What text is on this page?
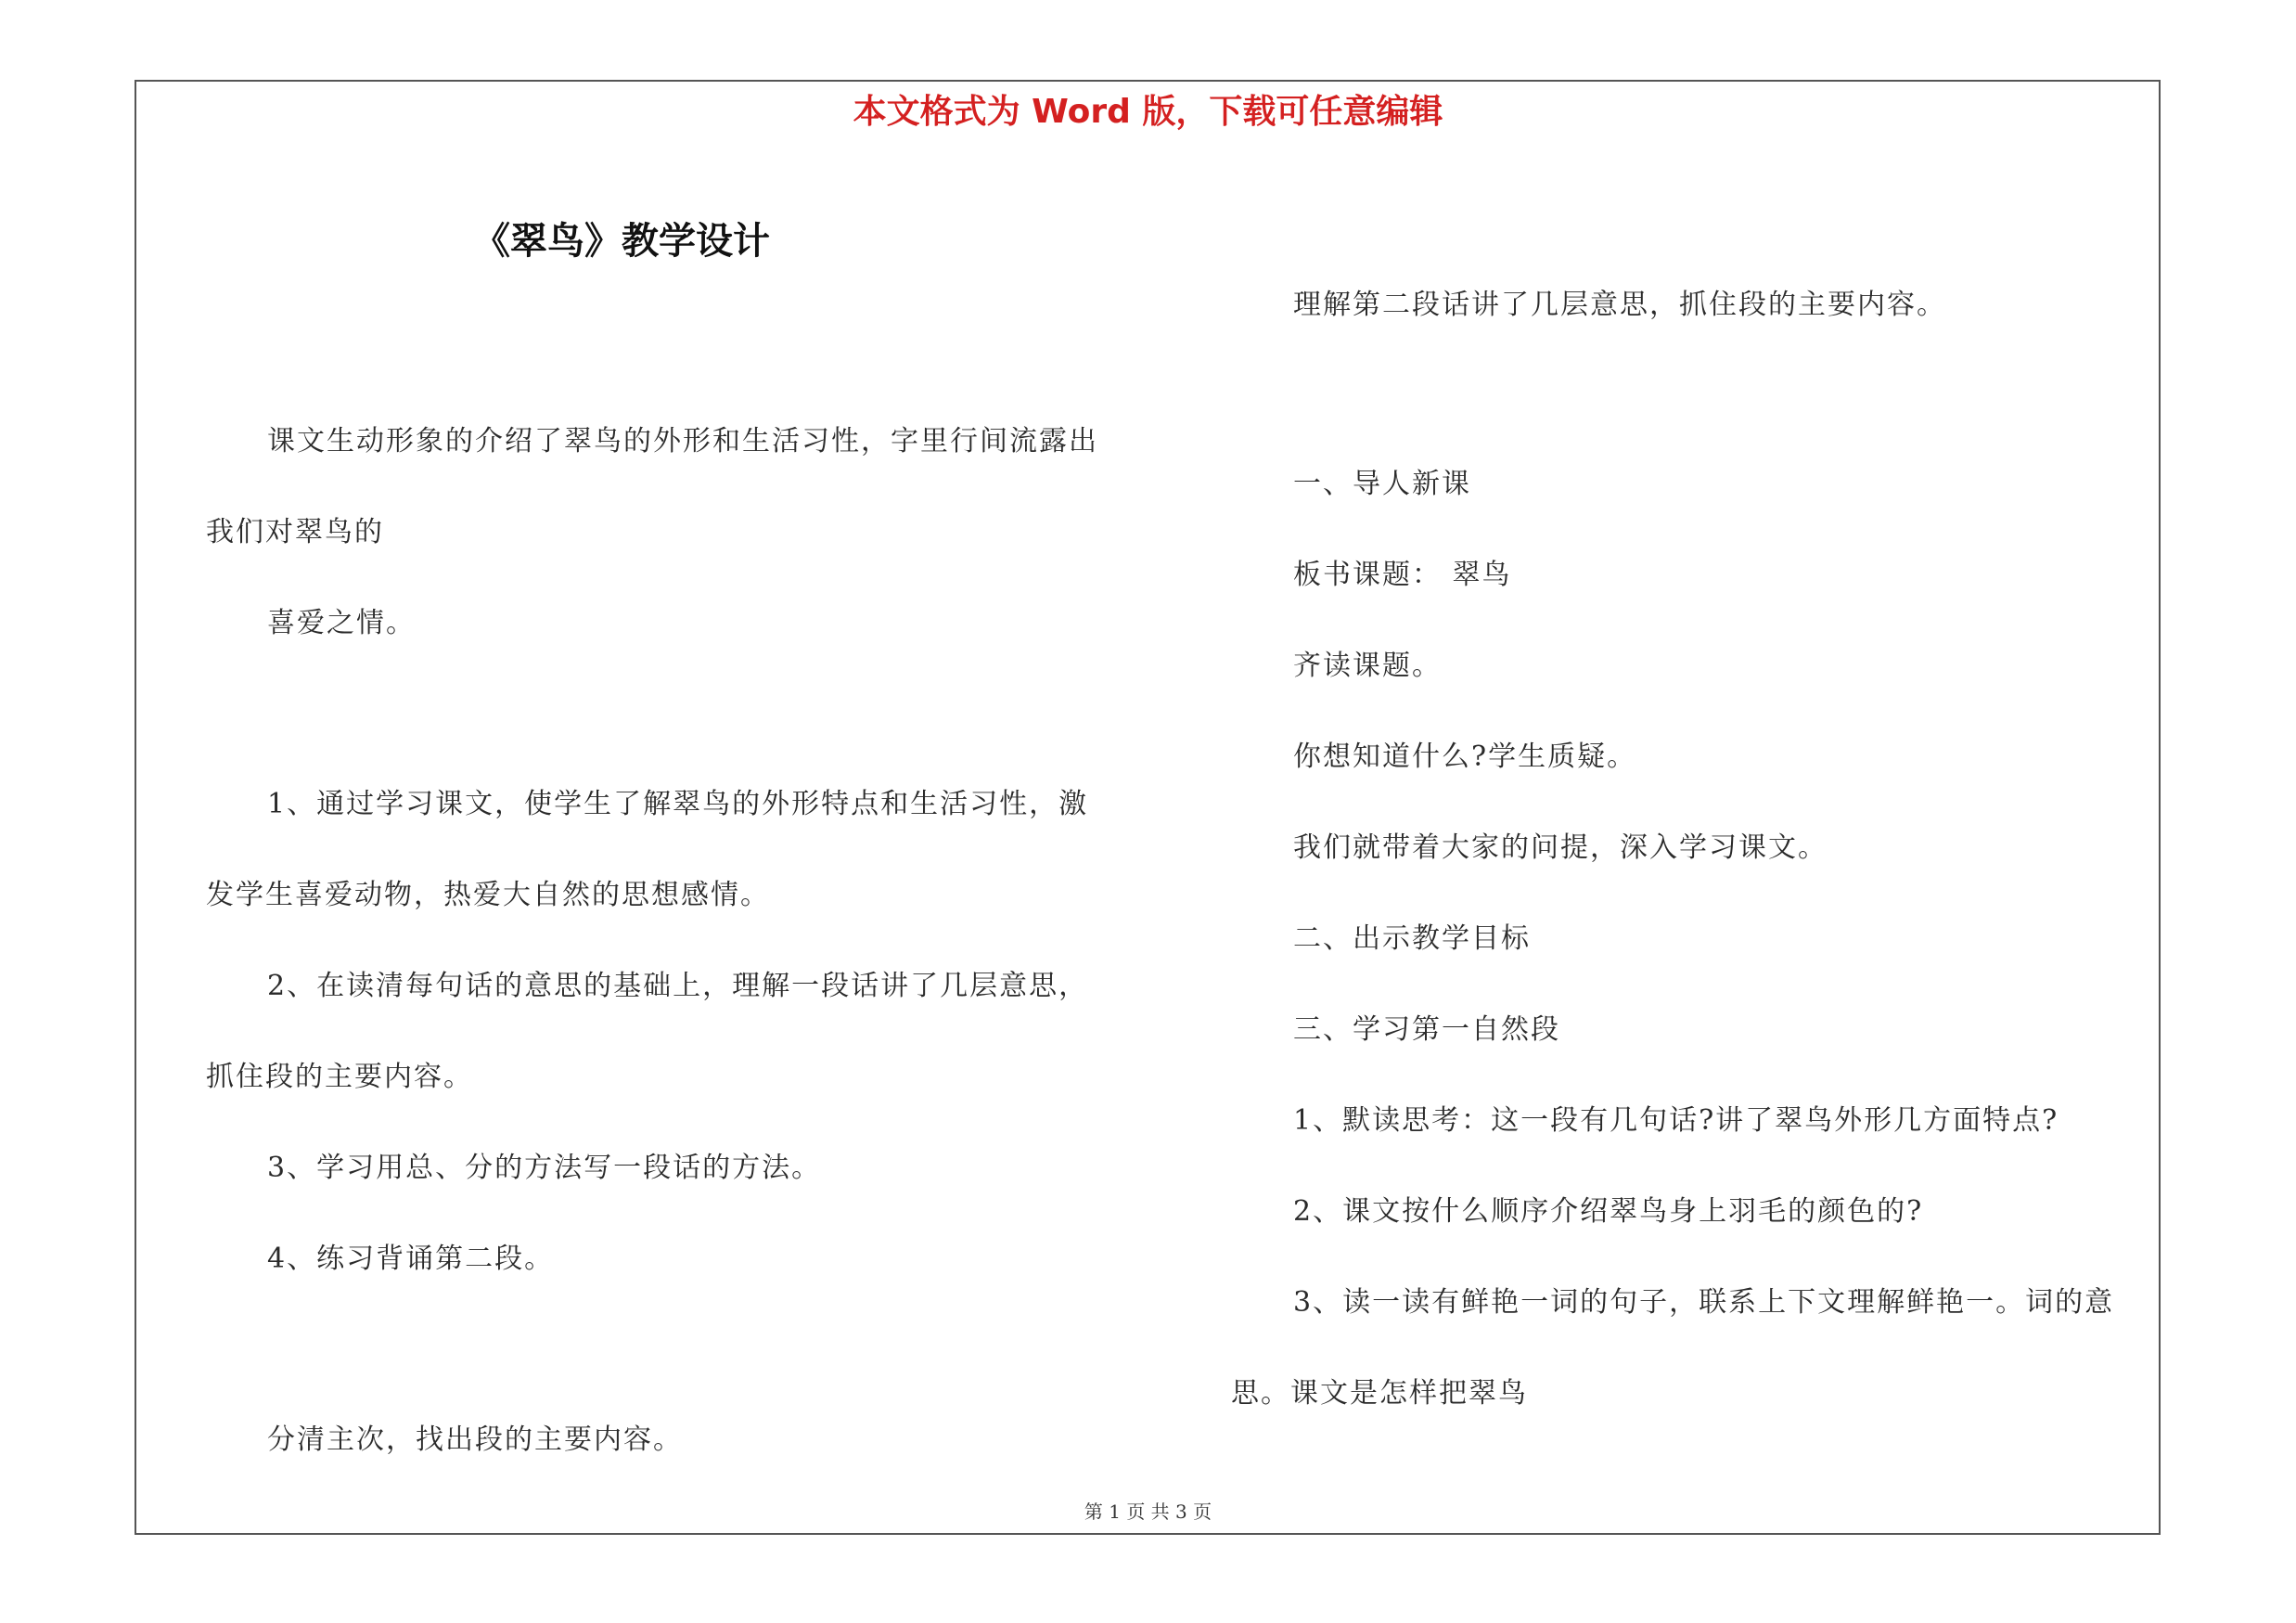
本文格式为 Word 版，下载可任意编辑
《翠鸟》教学设计
课文生动形象的介绍了翠鸟的外形和生活习性，字里行间流露出
我们对翠鸟的
喜爱之情。
1、通过学习课文，使学生了解翠鸟的外形特点和生活习性，激
发学生喜爱动物，热爱大自然的思想感情。
2、在读清每句话的意思的基础上，理解一段话讲了几层意思，
抓住段的主要内容。
3、学习用总、分的方法写一段话的方法。
4、练习背诵第二段。
分清主次，找出段的主要内容。
理解第二段话讲了几层意思，抓住段的主要内容。
一、导人新课
板书课题： 翠鸟
齐读课题。
你想知道什么?学生质疑。
我们就带着大家的问提，深入学习课文。
二、出示教学目标
三、学习第一自然段
1、默读思考：这一段有几句话?讲了翠鸟外形几方面特点?
2、课文按什么顺序介绍翠鸟身上羽毛的颜色的?
3、读一读有鲜艳一词的句子，联系上下文理解鲜艳一。词的意
思。课文是怎样把翠鸟
第 1 页 共 3 页
